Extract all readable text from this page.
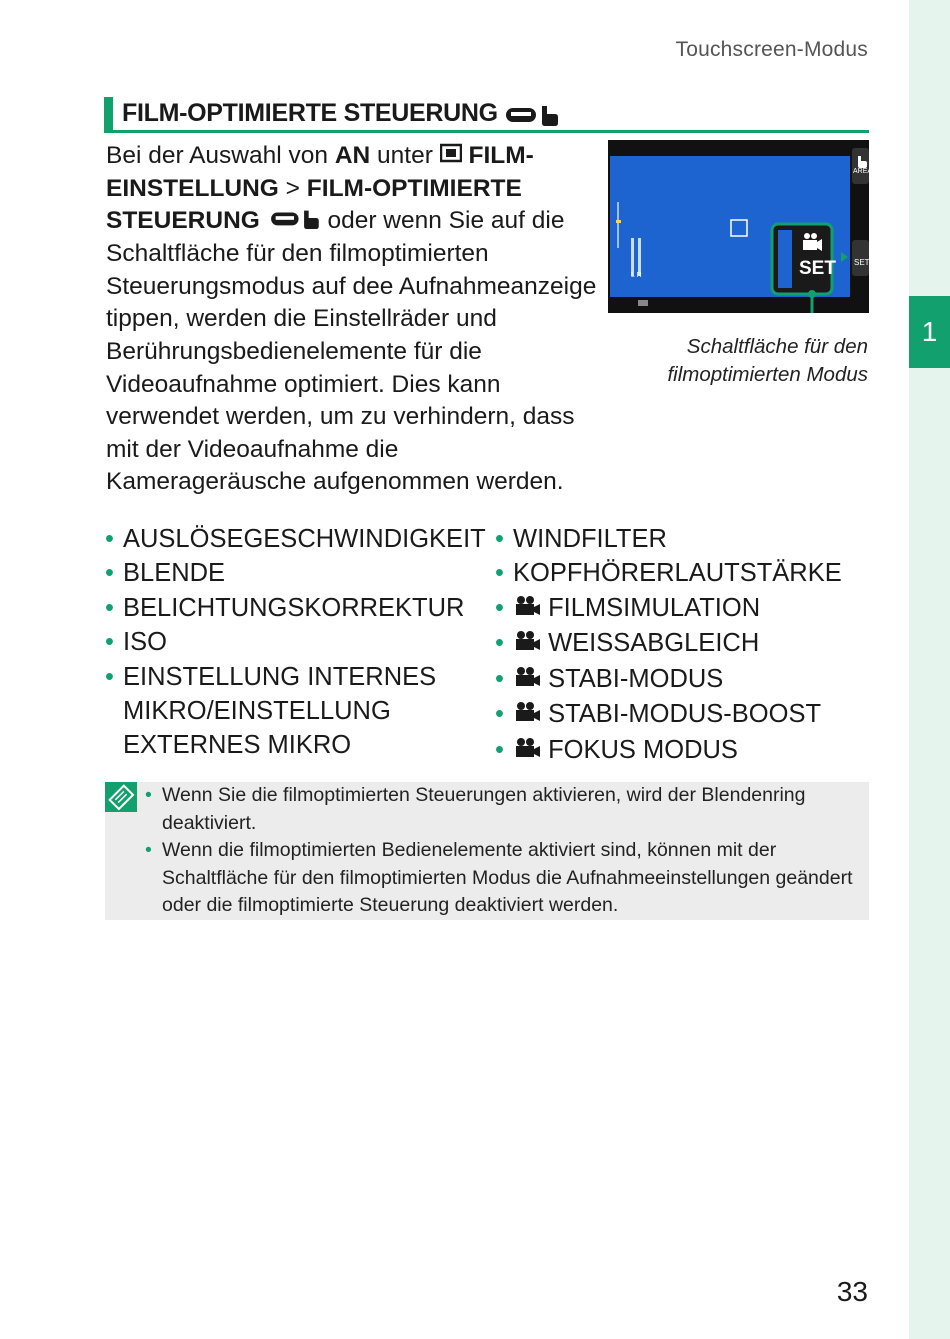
1
Touchscreen-Modus
FILM-OPTIMIERTE STEUERUNG
Bei der Auswahl von AN unter  FILM-EINSTELLUNG > FILM-OPTIMIERTE STEUERUNG  oder wenn Sie auf die Schaltfläche für den filmoptimierten Steuerungsmodus auf dee Aufnahmeanzeige tippen, werden die Einstellräder und Berührungsbedienelemente für die Videoaufnahme optimiert. Dies kann verwendet werden, um zu verhindern, dass mit der Videoaufnahme die Kamerageräusche aufgenommen werden.
AREA
SET SET
L R
Schaltfläche für den
filmoptimierten Modus
• AUSLÖSEGESCHWINDIGKEIT
• BLENDE
• BELICHTUNGSKORREKTUR
• ISO
• EINSTELLUNG INTERNES
MIKRO/EINSTELLUNG
EXTERNES MIKRO
• WINDFILTER
• KOPFHÖRERLAUTSTÄRKE
• FILMSIMULATION
• WEISSABGLEICH
• STABI-MODUS
• STABI-MODUS-BOOST
• FOKUS MODUS
• Wenn Sie die filmoptimierten Steuerungen aktivieren, wird der Blendenring deaktiviert.
• Wenn die filmoptimierten Bedienelemente aktiviert sind, können mit der Schaltfläche für den filmoptimierten Modus die Aufnahmeeinstellungen geändert oder die filmoptimierte Steuerung deaktiviert werden.
33
